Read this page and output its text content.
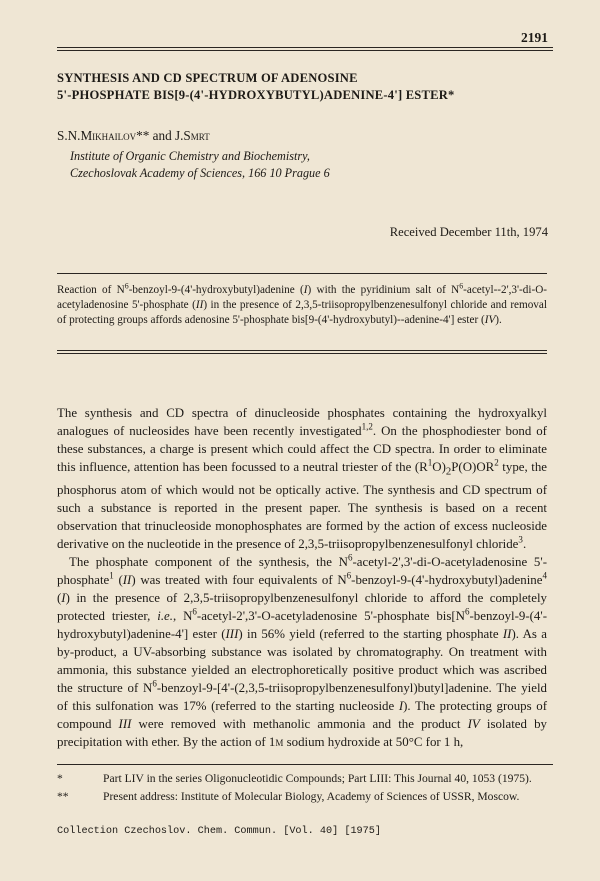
2191
SYNTHESIS AND CD SPECTRUM OF ADENOSINE
5'-PHOSPHATE BIS[9-(4'-HYDROXYBUTYL)ADENINE-4'] ESTER*
S.N.Mikhailov** and J.Smrt
Institute of Organic Chemistry and Biochemistry,
Czechoslovak Academy of Sciences, 166 10 Prague 6
Received December 11th, 1974
Reaction of $N^6-benzoyl-9-(4'-hydroxybutyl)adenine$ (I) with the pyridinium salt of $N^6-acetyl--2',3'-di-O$-acetyladenosine 5'-phosphate (II) in the presence of 2,3,5-triisopropylbenzenesulfonyl chloride and removal of protecting groups affords adenosine 5'-phosphate bis[9-(4'-hydroxybutyl)--adenine-4'] ester (IV).

The synthesis and CD spectra of dinucleoside phosphates containing the hydroxyalkyl analogues of nucleosides have been recently investigated$^{1,2}$. On the phosphodiester bond of these substances, a charge is present which could affect the CD spectra. In order to eliminate this influence, attention has been focussed to a neutral triester of the $(R^1O)_2P(O)OR^2$ type, the phosphorus atom of which would not be optically active. The synthesis and CD spectrum of such a substance is reported in the present paper. The synthesis is based on a recent observation that trinucleoside monophosphates are formed by the action of excess nucleoside derivative on the nucleotide in the presence of 2,3,5-triisopropylbenzenesulfonyl chloride$^3$.

The phosphate component of the synthesis, the $N^6-acetyl-2',3'-di-O$-acetyladenosine 5'-phosphate$^1$ (II) was treated with four equivalents of $N^6-benzoyl-9-(4'-hydroxybutyl)adenine^4$ (I) in the presence of 2,3,5-triisopropylbenzenesulfonyl chloride to afford the completely protected triester, i.e., $N^6-acetyl-2',3'-O$-acetyladenosine 5'-phosphate $bis[N^6-benzoyl-9-(4'-hydroxybutyl)adenine-4']$ ester (III) in 56% yield (referred to the starting phosphate II). As a by-product, a UV-absorbing substance was isolated by chromatography. On treatment with ammonia, this substance yielded an electrophoretically positive product which was ascribed the structure of $N^6-benzoyl-9-[4'-(2,3,5-triisopropylbenzenesulfonyl)butyl]adenine$. The yield of this sulfonation was 17% (referred to the starting nucleoside I). The protecting groups of compound III were removed with methanolic ammonia and the product IV isolated by precipitation with ether. By the action of 1m sodium hydroxide at 50°C for 1 h,

*	Part LIV in the series Oligonucleotidic Compounds; Part LIII: This Journal 40, 1053 (1975).
**	Present address: Institute of Molecular Biology, Academy of Sciences of USSR, Moscow.
Collection Czechoslov. Chem. Commun. [Vol. 40] [1975]
